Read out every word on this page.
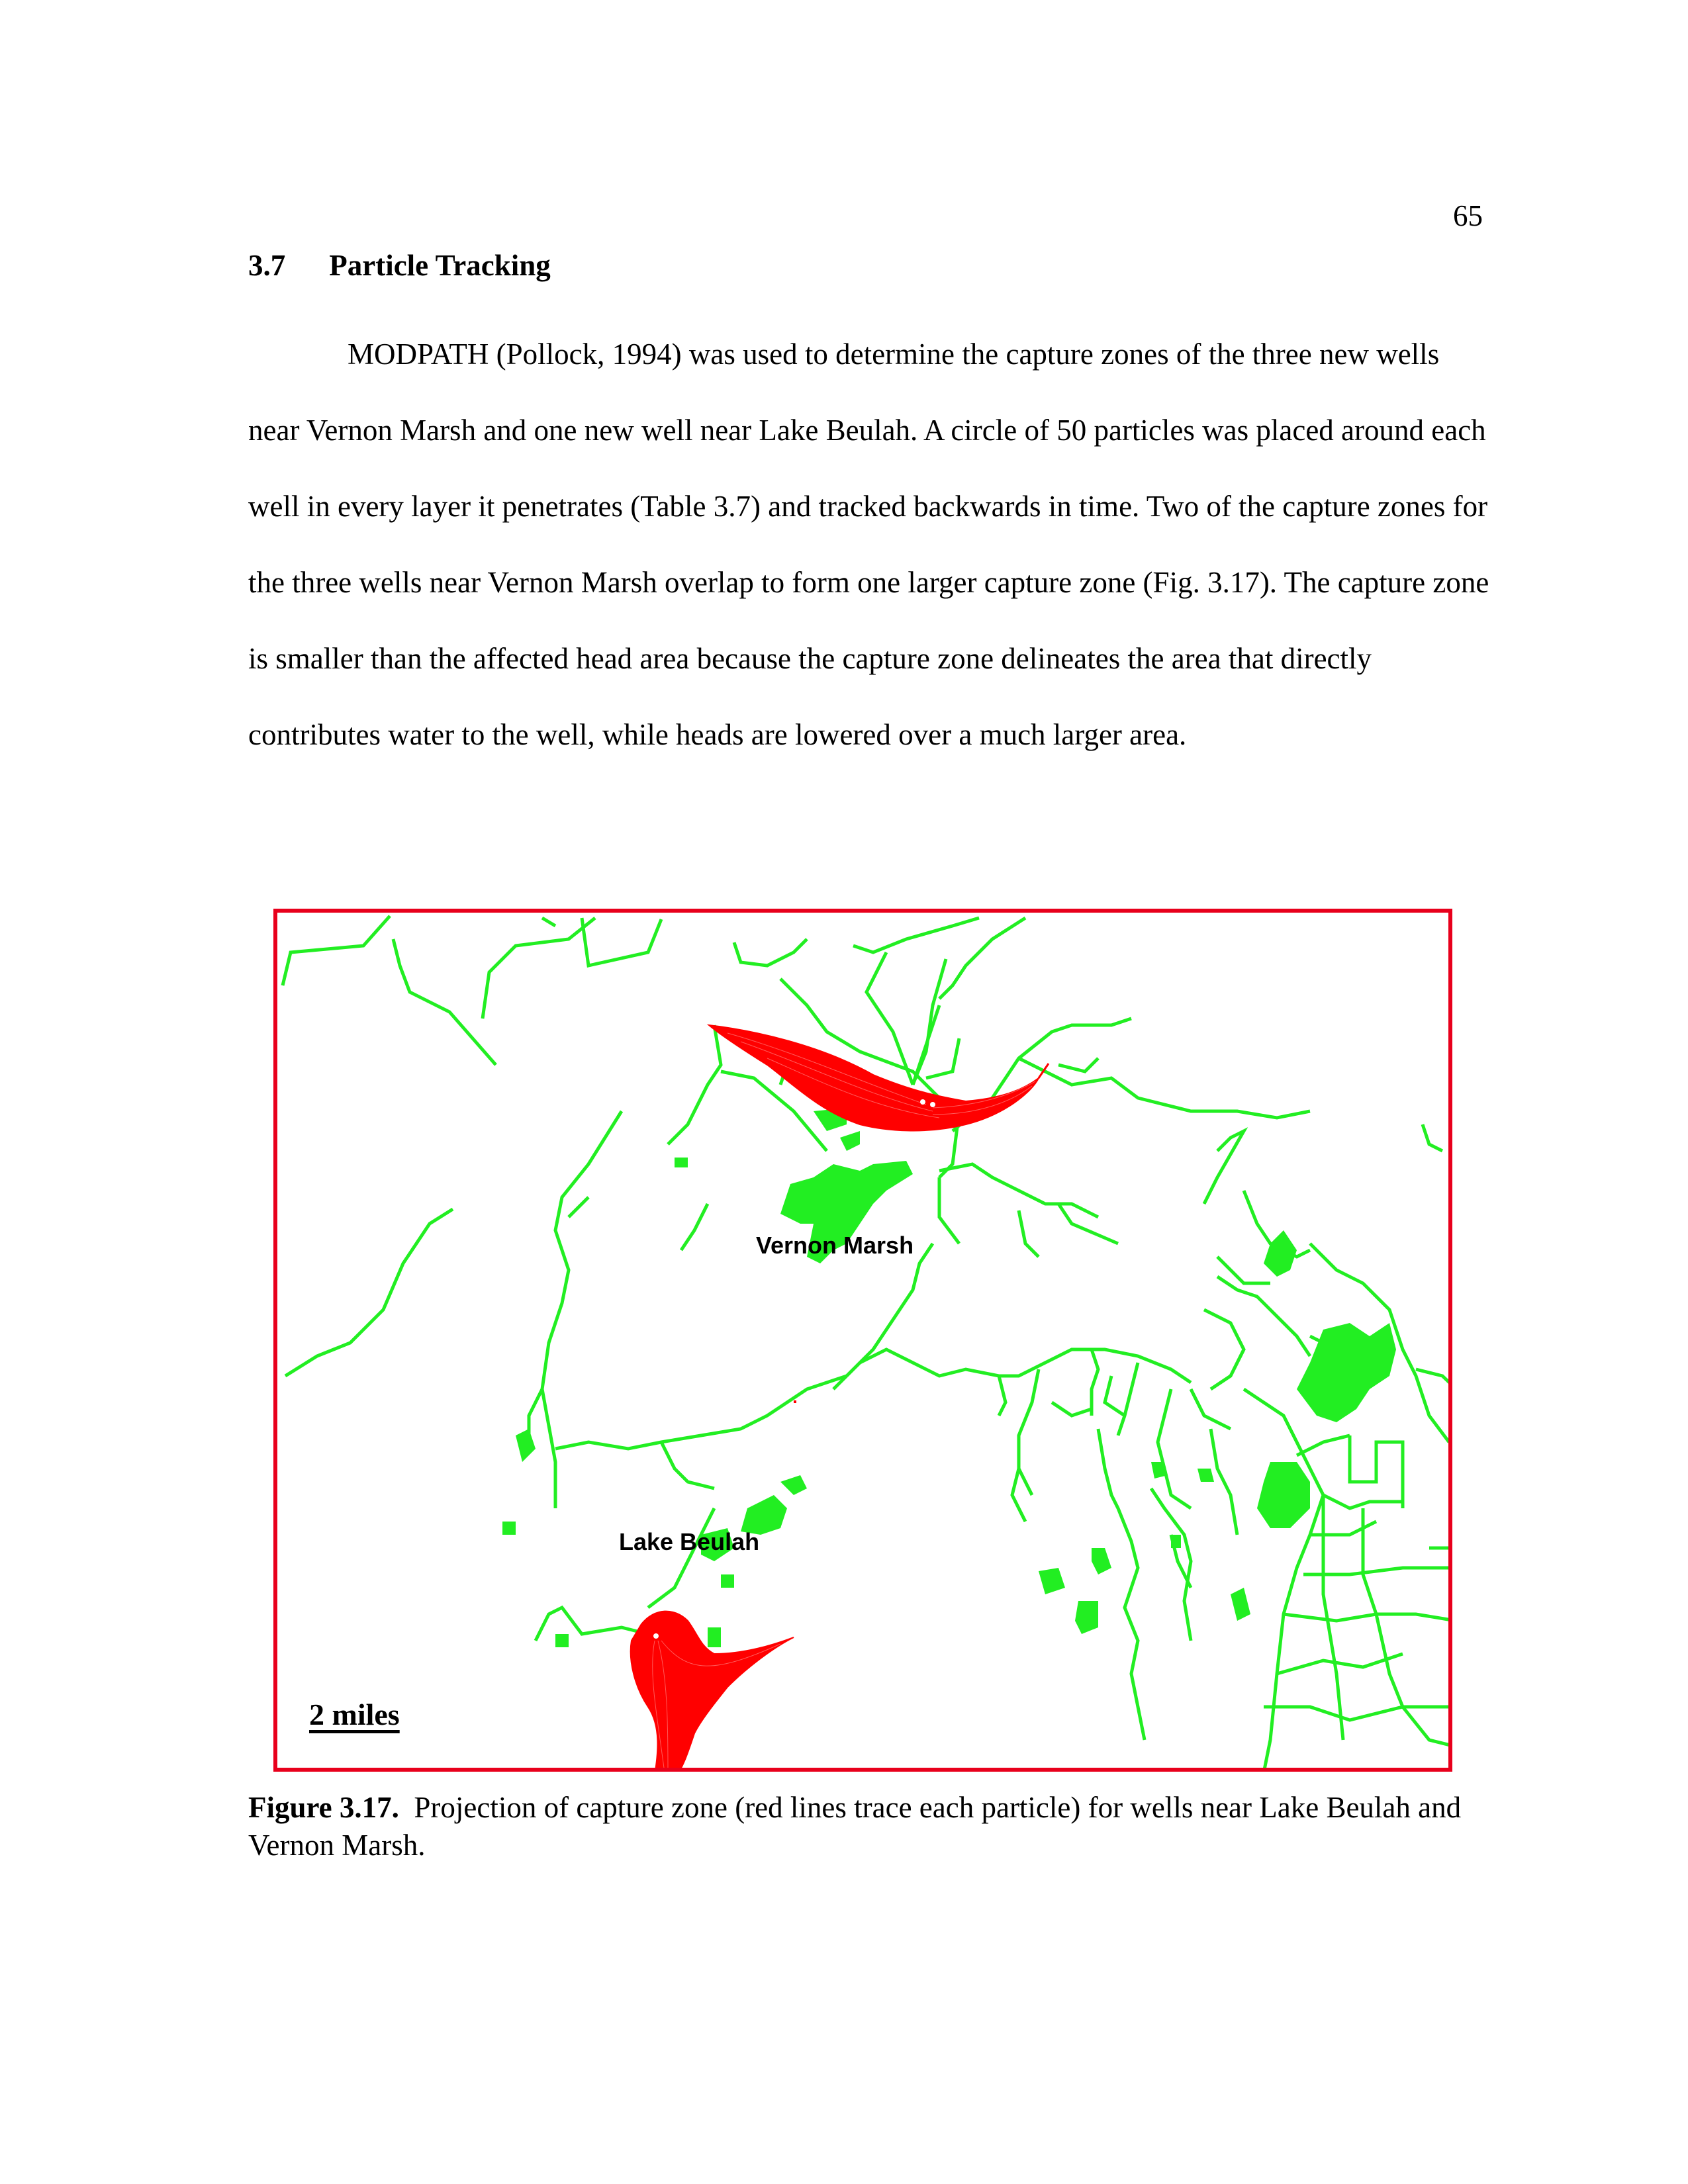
65
3.7 Particle Tracking

MODPATH (Pollock, 1994) was used to determine the capture zones of the three new wells near Vernon Marsh and one new well near Lake Beulah. A circle of 50 particles was placed around each well in every layer it penetrates (Table 3.7) and tracked backwards in time. Two of the capture zones for the three wells near Vernon Marsh overlap to form one larger capture zone (Fig. 3.17). The capture zone is smaller than the affected head area because the capture zone delineates the area that directly contributes water to the well, while heads are lowered over a much larger area.

Vernon Marsh
Lake Beulah
2 miles

Figure 3.17. Projection of capture zone (red lines trace each particle) for wells near Lake Beulah and Vernon Marsh.
